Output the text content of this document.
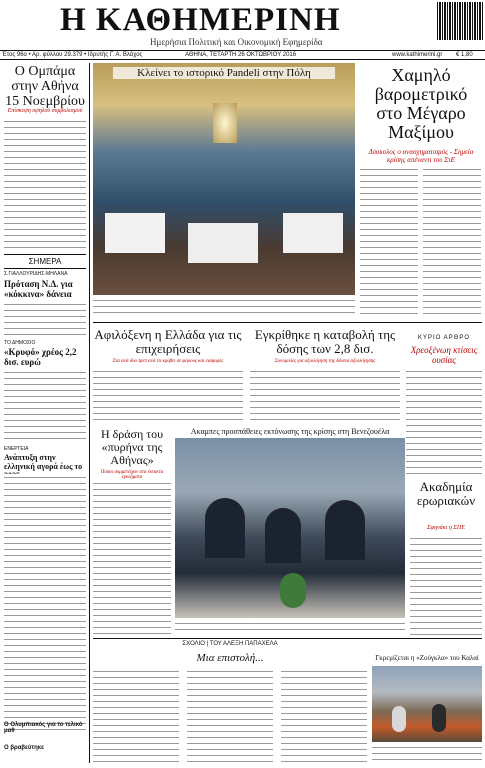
Η ΚΑΘΗΜΕΡΙΝΗ
Ημερήσια Πολιτική και Οικονομική Εφημερίδα
Έτος 96ο • Αρ. φύλλου 29.379 • Ιδρυτής Γ. Α. Βλάχος	ΑΘΗΝΑ, ΤΕΤΑΡΤΗ 26 ΟΚΤΩΒΡΙΟΥ 2016	www.kathimerini.gr € 1,80
Ο Ομπάμα στην Αθήνα 15 Νοεμβρίου
Επίσκεψη υψηλού συμβολισμού
ΣΗΜΕΡΑ
Σ.ΓΙΑΛΛΟΥΡΙΔΗΣ-ΜΗΛΑΝΑ
Πρόταση Ν.Δ. για «κόκκινα» δάνεια
ΤΟ ΔΗΜΟΣΙΟ
«Κρυφό» χρέος 2,2 δισ. ευρώ
ΕΝΕΡΓΕΙΑ
Ανάπτυξη στην ελληνική αγορά έως το
Ο Ολυμπιακός για το τελικό μαθ
Ο βραβεύτηκε
Κλείνει το ιστορικό Pandeli στην Πόλη	Χαμηλό βαρομετρικό στο Μέγαρο Μαξίμου
Δύσκολος ο ανασχηματισμός - Σημεία κρίσης απέναντι του ΣτΕ
Αφιλόξενη η Ελλάδα για τις επιχειρήσεις
Στα ανά δύο τρεπ ανά τα κρύβει σε φόρους και εισφορές
Εγκρίθηκε η καταβολή της δόσης των 2,8 δισ.
Συνομιλίες για αξιολόγηση της δάνεια αξιολόγησης
ΚΥΡΙΟ ΑΡΘΡΟ
Χρεοξένωη κτίσεις ουσίας
Ακαμπες προσπάθειες εκτόνωσης της κρίσης στη Βενεζουέλα
Η δράση του «πυρήνα της Αθήνας»
Πόσοι συμμετείχαν στα έκτακτα εγκλήματα
Ακαδημία ερωριακών
Σφηνάκι η ΣΠΕ
ΣΧΟΛΙΟ | ΤΟΥ ΑΛΕΞΗ ΠΑΠΑΧΕΛΑ
Μια επιστολή...	Γκρεμίζεται η «Ζούγκλα» του Καλαί
